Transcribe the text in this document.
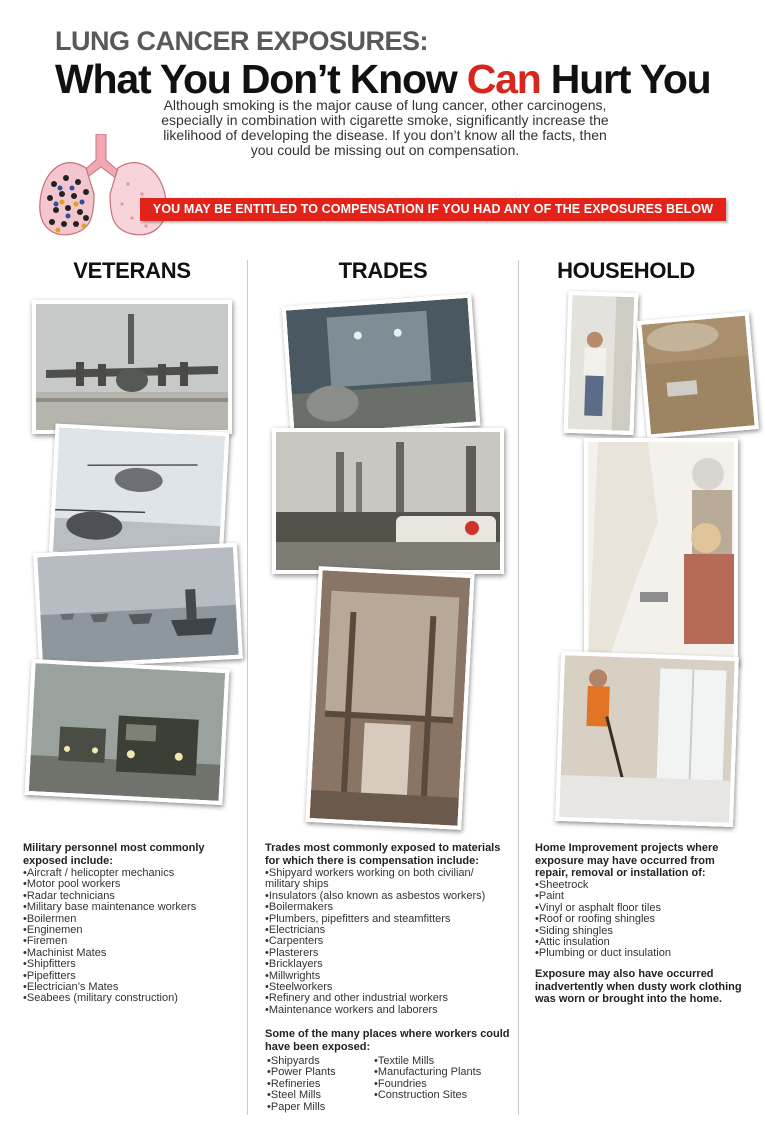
LUNG CANCER EXPOSURES:
What You Don’t Know Can Hurt You
Although smoking is the major cause of lung cancer, other carcinogens, especially in combination with cigarette smoke, significantly increase the likelihood of developing the disease. If you don’t know all the facts, then you could be missing out on compensation.
YOU MAY BE ENTITLED TO COMPENSATION IF YOU HAD ANY OF THE EXPOSURES BELOW
VETERANS	TRADES	HOUSEHOLD
Military personnel most commonly exposed include:
• Aircraft / helicopter mechanics
• Motor pool workers
• Radar technicians
• Military base maintenance workers
• Boilermen
• Enginemen
• Firemen
• Machinist Mates
• Shipfitters
• Pipefitters
• Electrician’s Mates
• Seabees (military construction)
Trades most commonly exposed to materials for which there is compensation include:
• Shipyard workers working on both civilian/ military ships
• Insulators (also known as asbestos workers)
• Boilermakers
• Plumbers, pipefitters and steamfitters
• Electricians
• Carpenters
• Plasterers
• Bricklayers
• Millwrights
• Steelworkers
• Refinery and other industrial workers
• Maintenance workers and laborers
Some of the many places where workers could have been exposed:
• Shipyards
• Power Plants
• Refineries
• Steel Mills
• Paper Mills
• Textile Mills
• Manufacturing Plants
• Foundries
• Construction Sites
Home Improvement projects where exposure may have occurred from repair, removal or installation of:
• Sheetrock
• Paint
• Vinyl or asphalt floor tiles
• Roof or roofing shingles
• Siding shingles
• Attic insulation
• Plumbing or duct insulation
Exposure may also have occurred inadvertently when dusty work clothing was worn or brought into the home.
